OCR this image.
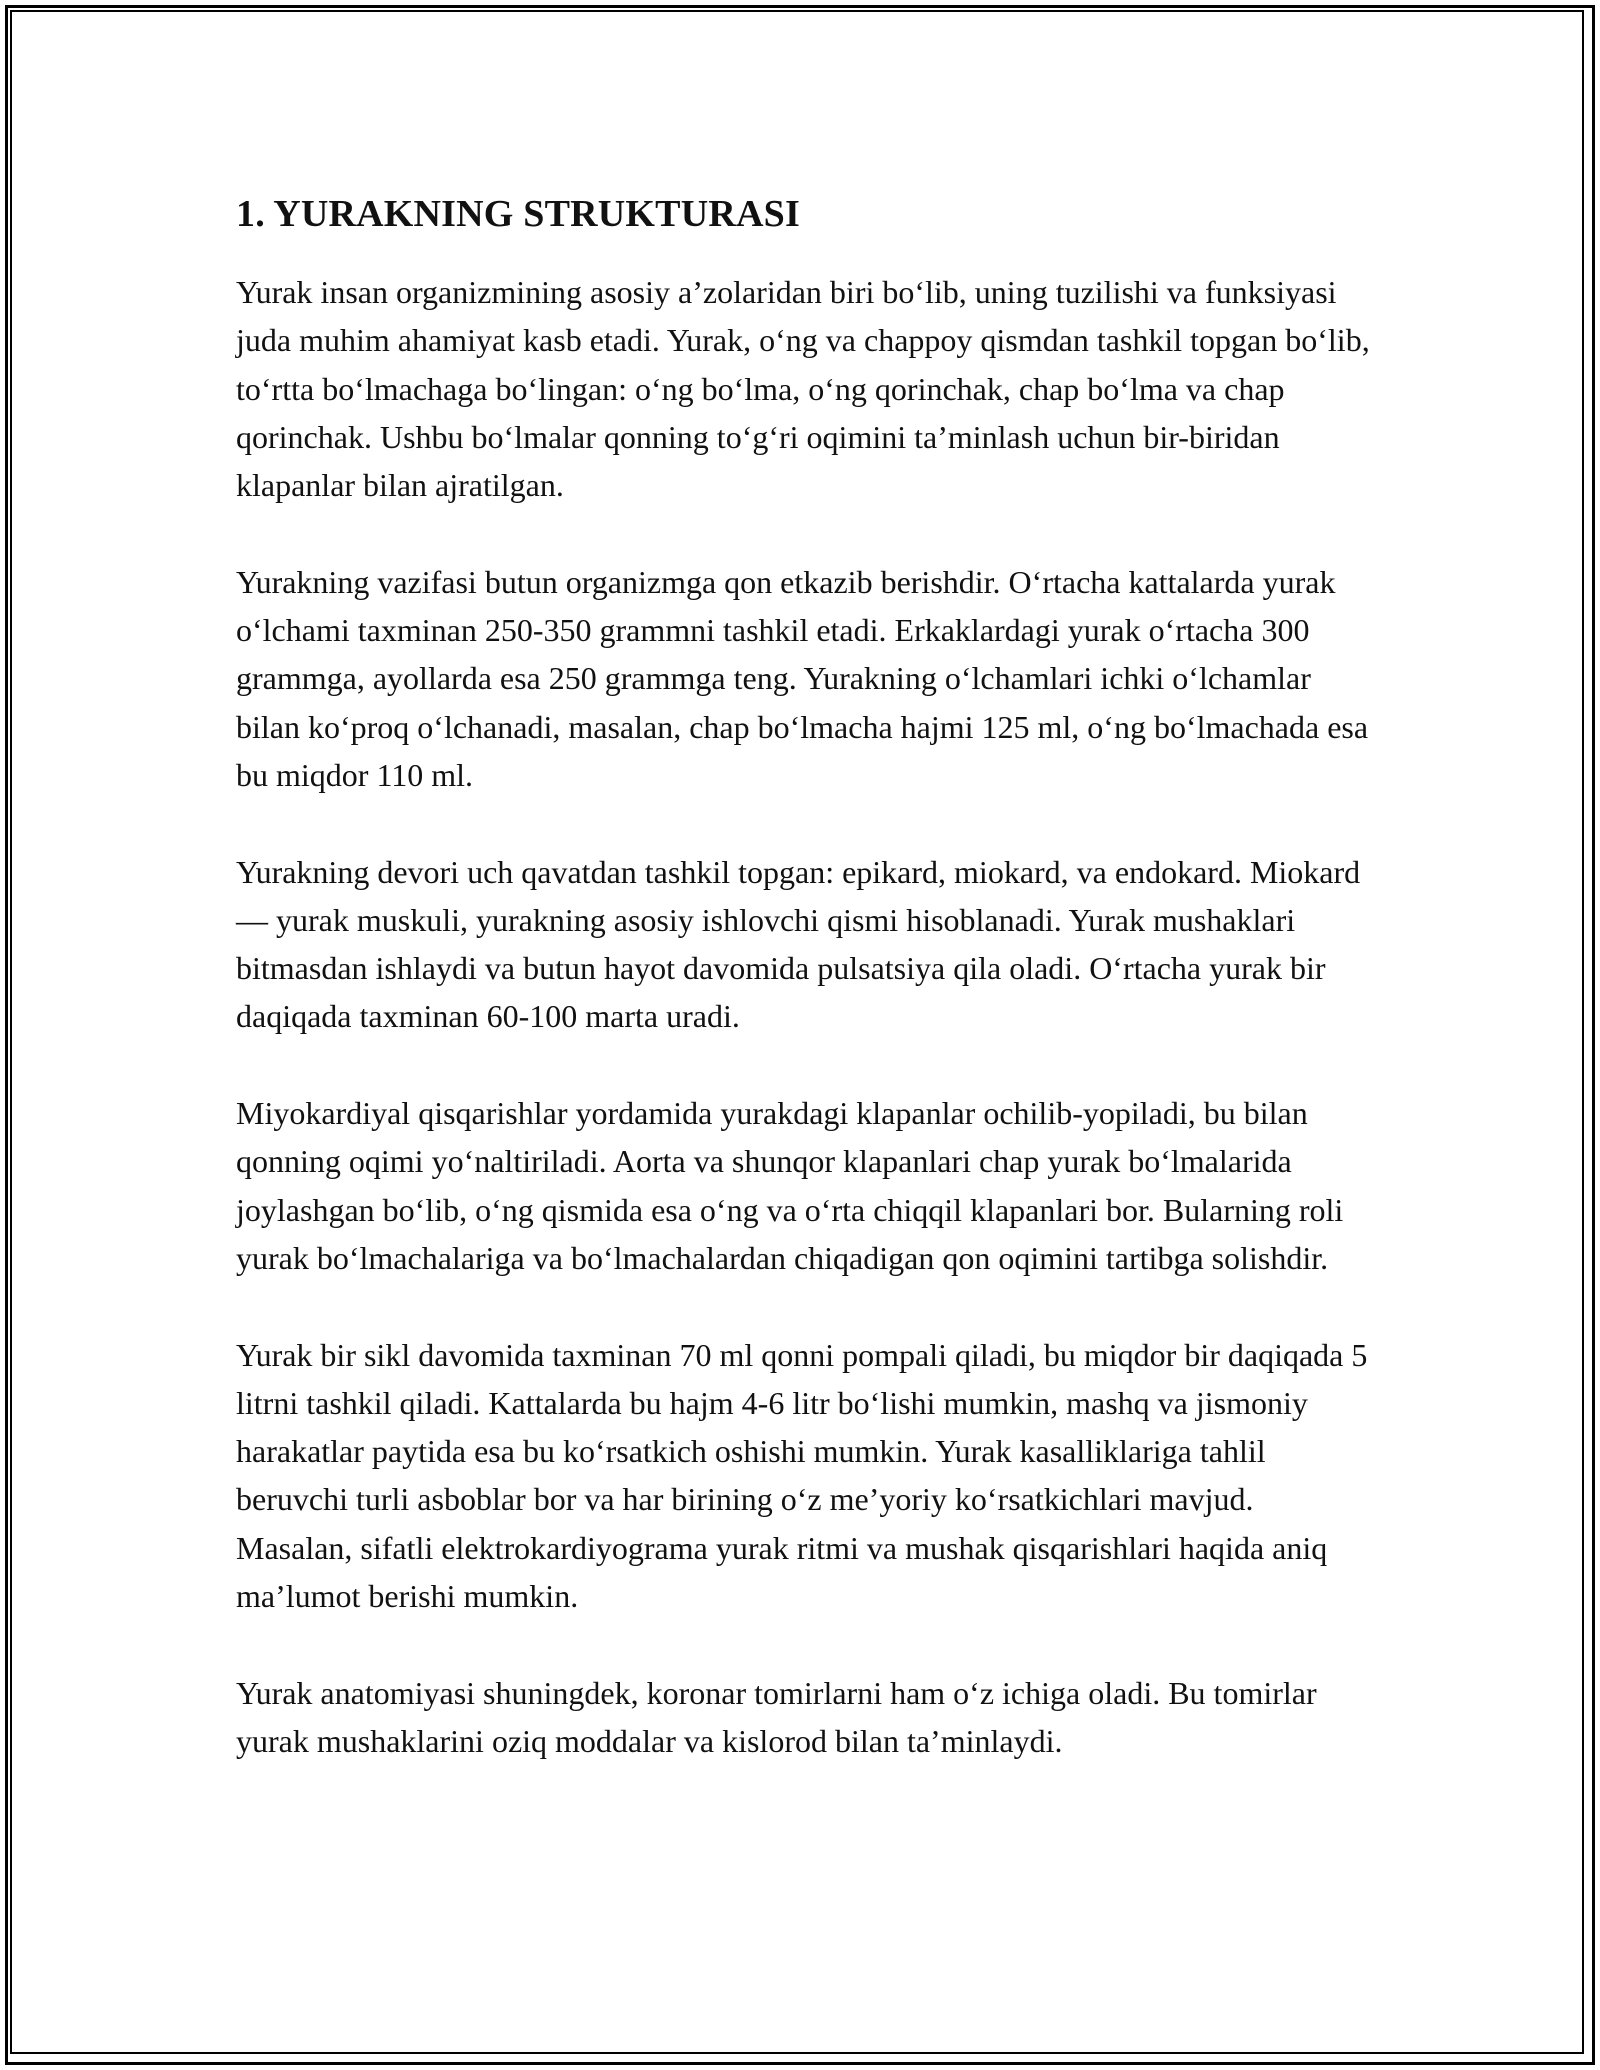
1. YURAKNING STRUKTURASI

Yurak insan organizmining asosiy a’zolaridan biri bo‘lib, uning tuzilishi va funksiyasi juda muhim ahamiyat kasb etadi. Yurak, o‘ng va chappoy qismdan tashkil topgan bo‘lib, to‘rtta bo‘lmachaga bo‘lingan: o‘ng bo‘lma, o‘ng qorinchak, chap bo‘lma va chap qorinchak. Ushbu bo‘lmalar qonning to‘g‘ri oqimini ta’minlash uchun bir-biridan klapanlar bilan ajratilgan.

Yurakning vazifasi butun organizmga qon etkazib berishdir. O‘rtacha kattalarda yurak o‘lchami taxminan 250-350 grammni tashkil etadi. Erkaklardagi yurak o‘rtacha 300 grammga, ayollarda esa 250 grammga teng. Yurakning o‘lchamlari ichki o‘lchamlar bilan ko‘proq o‘lchanadi, masalan, chap bo‘lmacha hajmi 125 ml, o‘ng bo‘lmachada esa bu miqdor 110 ml.

Yurakning devori uch qavatdan tashkil topgan: epikard, miokard, va endokard. Miokard — yurak muskuli, yurakning asosiy ishlovchi qismi hisoblanadi. Yurak mushaklari bitmasdan ishlaydi va butun hayot davomida pulsatsiya qila oladi. O‘rtacha yurak bir daqiqada taxminan 60-100 marta uradi.

Miyokardiyal qisqarishlar yordamida yurakdagi klapanlar ochilib-yopiladi, bu bilan qonning oqimi yo‘naltiriladi. Aorta va shunqor klapanlari chap yurak bo‘lmalarida joylashgan bo‘lib, o‘ng qismida esa o‘ng va o‘rta chiqqil klapanlari bor. Bularning roli yurak bo‘lmachalariga va bo‘lmachalardan chiqadigan qon oqimini tartibga solishdir.

Yurak bir sikl davomida taxminan 70 ml qonni pompali qiladi, bu miqdor bir daqiqada 5 litrni tashkil qiladi. Kattalarda bu hajm 4-6 litr bo‘lishi mumkin, mashq va jismoniy harakatlar paytida esa bu ko‘rsatkich oshishi mumkin. Yurak kasalliklariga tahlil beruvchi turli asboblar bor va har birining o‘z me’yoriy ko‘rsatkichlari mavjud. Masalan, sifatli elektrokardiyograma yurak ritmi va mushak qisqarishlari haqida aniq ma’lumot berishi mumkin.

Yurak anatomiyasi shuningdek, koronar tomirlarni ham o‘z ichiga oladi. Bu tomirlar yurak mushaklarini oziq moddalar va kislorod bilan ta’minlaydi.
